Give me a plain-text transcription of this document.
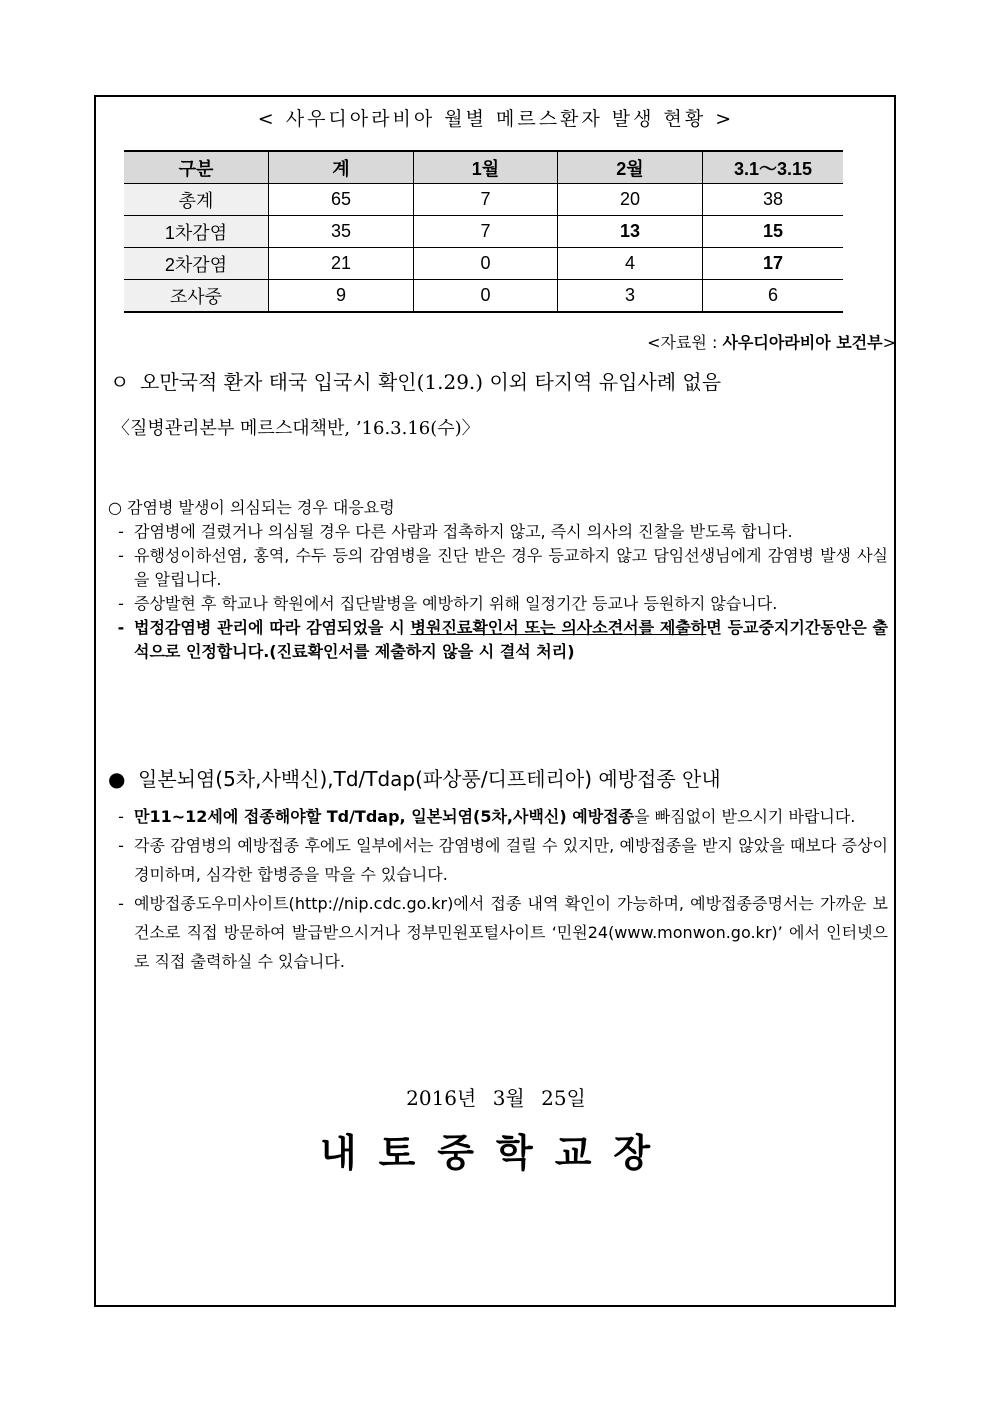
< 사우디아라비아 월별 메르스환자 발생 현황 >
구분	계	1월	2월	3.1～3.15
총계	65	7	20	38
1차감염	35	7	13	15
2차감염	21	0	4	17
조사중	9	0	3	6
<자료원 : 사우디아라비아 보건부>
ㅇ 오만국적 환자 태국 입국시 확인(1.29.) 이외 타지역 유입사례 없음
〈질병관리본부 메르스대책반, ’16.3.16(수)〉
○ 감염병 발생이 의심되는 경우 대응요령
- 감염병에 걸렸거나 의심될 경우 다른 사람과 접촉하지 않고, 즉시 의사의 진찰을 받도록 합니다.
- 유행성이하선염, 홍역, 수두 등의 감염병을 진단 받은 경우 등교하지 않고 담임선생님에게 감염병 발생 사실을 알립니다.
- 증상발현 후 학교나 학원에서 집단발병을 예방하기 위해 일정기간 등교나 등원하지 않습니다.
- 법정감염병 관리에 따라 감염되었을 시 병원진료확인서 또는 의사소견서를 제출하면 등교중지기간동안은 출석으로 인정합니다.(진료확인서를 제출하지 않을 시 결석 처리)
● 일본뇌염(5차,사백신),Td/Tdap(파상풍/디프테리아) 예방접종 안내
- 만11~12세에 접종해야할 Td/Tdap, 일본뇌염(5차,사백신) 예방접종을 빠짐없이 받으시기 바랍니다.
- 각종 감염병의 예방접종 후에도 일부에서는 감염병에 걸릴 수 있지만, 예방접종을 받지 않았을 때보다 증상이 경미하며, 심각한 합병증을 막을 수 있습니다.
- 예방접종도우미사이트(http://nip.cdc.go.kr)에서 접종 내역 확인이 가능하며, 예방접종증명서는 가까운 보건소로 직접 방문하여 발급받으시거나 정부민원포털사이트 ‘민원24(www.monwon.go.kr)’ 에서 인터넷으로 직접 출력하실 수 있습니다.
2016년 3월 25일
내토중학교장
